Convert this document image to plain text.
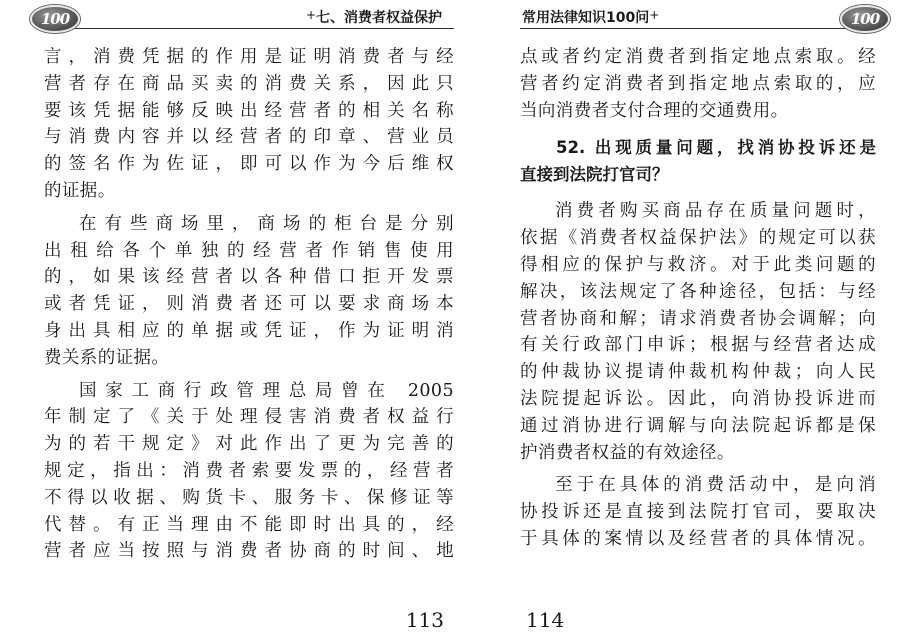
100	+七、消费者权益保护
言，消费凭据的作用是证明消费者与经
营者存在商品买卖的消费关系，因此只
要该凭据能够反映出经营者的相关名称
与消费内容并以经营者的印章、营业员
的签名作为佐证，即可以作为今后维权
的证据。
在有些商场里，商场的柜台是分别
出租给各个单独的经营者作销售使用
的，如果该经营者以各种借口拒开发票
或者凭证，则消费者还可以要求商场本
身出具相应的单据或凭证，作为证明消
费关系的证据。
国家工商行政管理总局曾在 2005
年制定了《关于处理侵害消费者权益行
为的若干规定》对此作出了更为完善的
规定，指出：消费者索要发票的，经营者
不得以收据、购货卡、服务卡、保修证等
代替。有正当理由不能即时出具的，经
营者应当按照与消费者协商的时间、地
113
常用法律知识100问+	100
点或者约定消费者到指定地点索取。经
营者约定消费者到指定地点索取的，应
当向消费者支付合理的交通费用。
52. 出现质量问题，找消协投诉还是
直接到法院打官司？
消费者购买商品存在质量问题时，
依据《消费者权益保护法》的规定可以获
得相应的保护与救济。对于此类问题的
解决，该法规定了各种途径，包括：与经
营者协商和解；请求消费者协会调解；向
有关行政部门申诉；根据与经营者达成
的仲裁协议提请仲裁机构仲裁；向人民
法院提起诉讼。因此，向消协投诉进而
通过消协进行调解与向法院起诉都是保
护消费者权益的有效途径。
至于在具体的消费活动中，是向消
协投诉还是直接到法院打官司，要取决
于具体的案情以及经营者的具体情况。
114
